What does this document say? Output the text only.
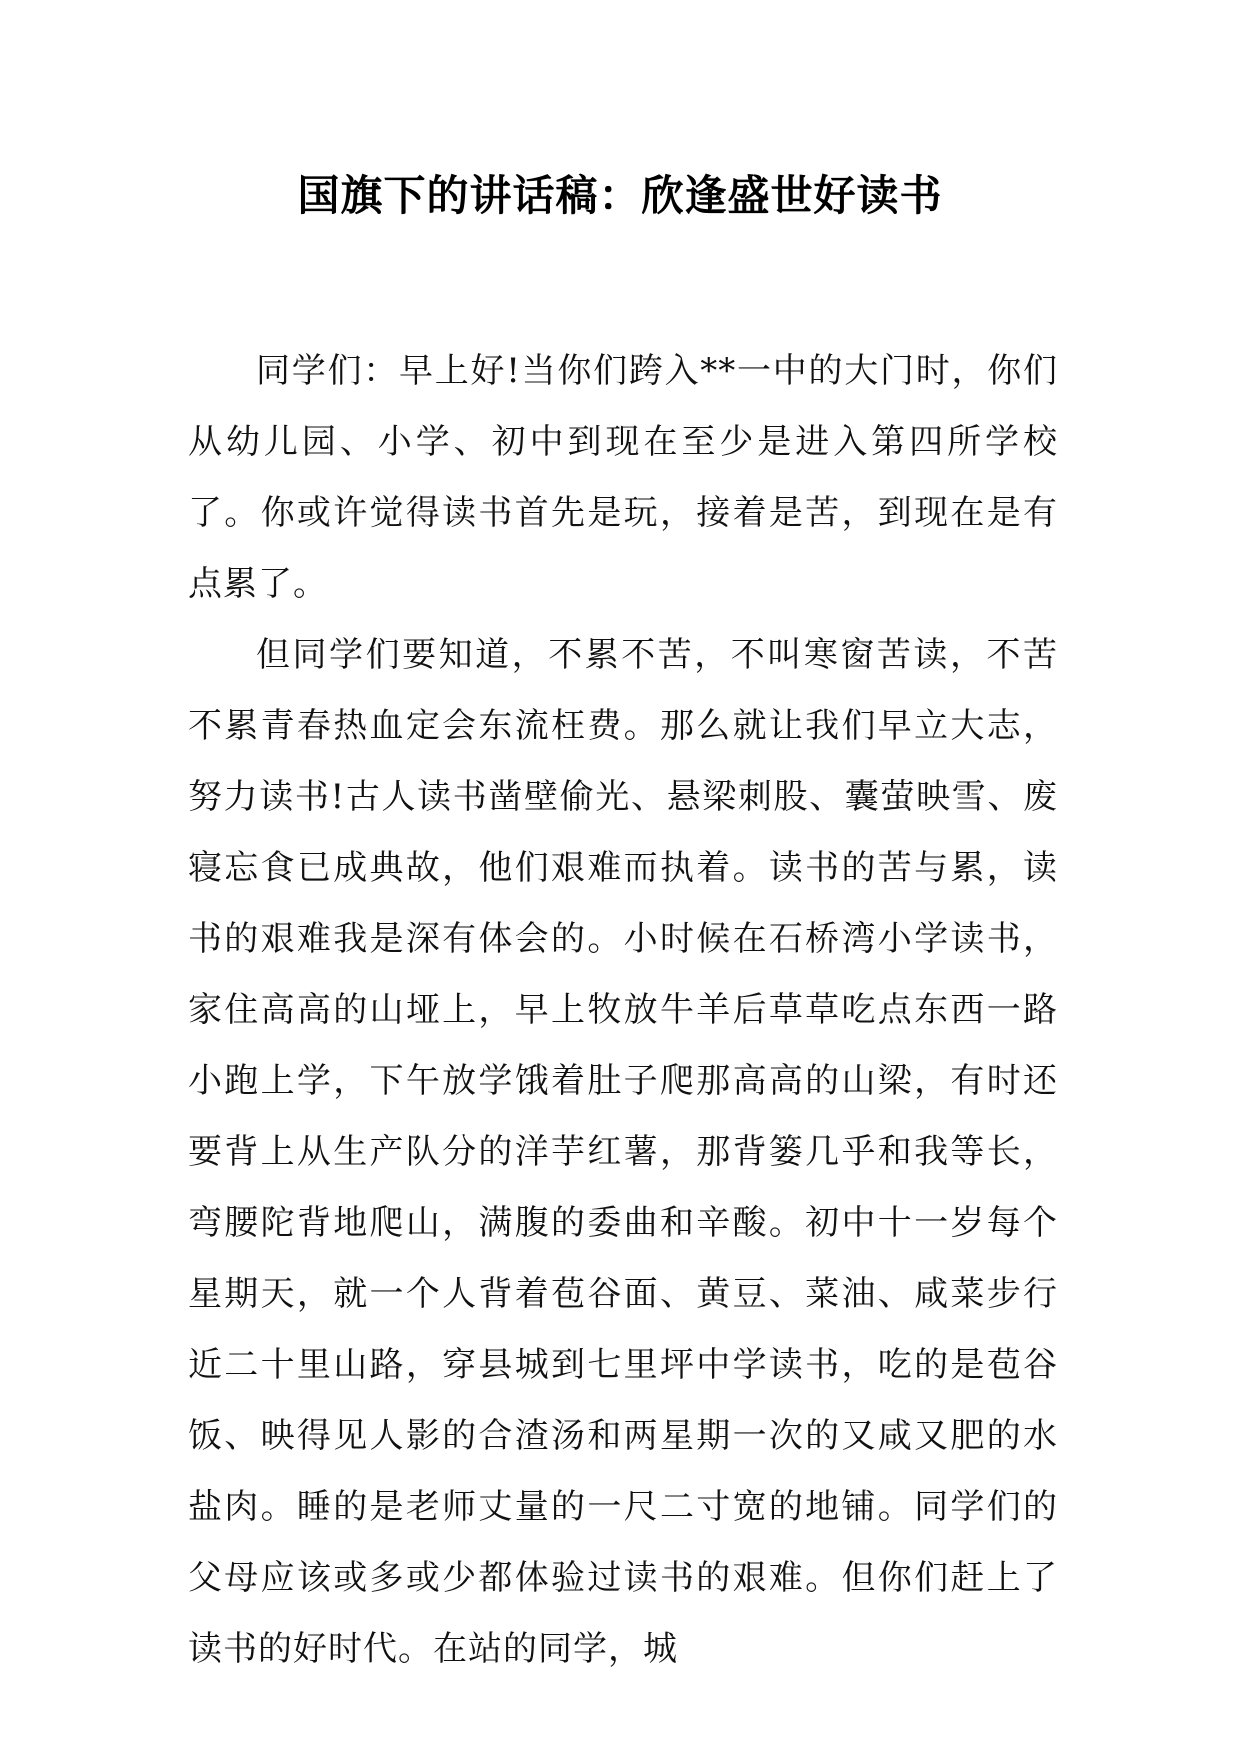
国旗下的讲话稿：欣逢盛世好读书

同学们：早上好!当你们跨入**一中的大门时，你们从幼儿园、小学、初中到现在至少是进入第四所学校了。你或许觉得读书首先是玩，接着是苦，到现在是有点累了。

但同学们要知道，不累不苦，不叫寒窗苦读，不苦不累青春热血定会东流枉费。那么就让我们早立大志，努力读书!古人读书凿壁偷光、悬梁刺股、囊萤映雪、废寝忘食已成典故，他们艰难而执着。读书的苦与累，读书的艰难我是深有体会的。小时候在石桥湾小学读书，家住高高的山垭上，早上牧放牛羊后草草吃点东西一路小跑上学，下午放学饿着肚子爬那高高的山梁，有时还要背上从生产队分的洋芋红薯，那背篓几乎和我等长，弯腰陀背地爬山，满腹的委曲和辛酸。初中十一岁每个星期天，就一个人背着苞谷面、黄豆、菜油、咸菜步行近二十里山路，穿县城到七里坪中学读书，吃的是苞谷饭、映得见人影的合渣汤和两星期一次的又咸又肥的水盐肉。睡的是老师丈量的一尺二寸宽的地铺。同学们的父母应该或多或少都体验过读书的艰难。但你们赶上了读书的好时代。在站的同学，城
